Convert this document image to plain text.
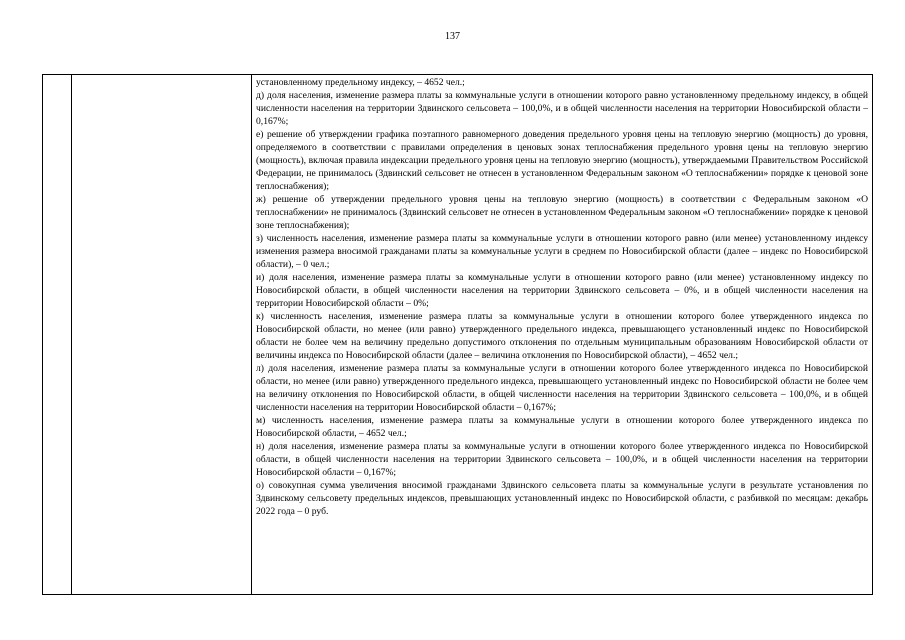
137

установленному предельному индексу, – 4652 чел.;

д) доля населения, изменение размера платы за коммунальные услуги в отношении которого равно установленному предельному индексу, в общей численности населения на территории Здвинского сельсовета – 100,0%, и в общей численности населения на территории Новосибирской области – 0,167%;

е) решение об утверждении графика поэтапного равномерного доведения предельного уровня цены на тепловую энергию (мощность) до уровня, определяемого в соответствии с правилами определения в ценовых зонах теплоснабжения предельного уровня цены на тепловую энергию (мощность), включая правила индексации предельного уровня цены на тепловую энергию (мощность), утверждаемыми Правительством Российской Федерации, не принималось (Здвинский сельсовет не отнесен в установленном Федеральным законом «О теплоснабжении» порядке к ценовой зоне теплоснабжения);

ж) решение об утверждении предельного уровня цены на тепловую энергию (мощность) в соответствии с Федеральным законом «О теплоснабжении» не принималось (Здвинский сельсовет не отнесен в установленном Федеральным законом «О теплоснабжении» порядке к ценовой зоне теплоснабжения);

з) численность населения, изменение размера платы за коммунальные услуги в отношении которого равно (или менее) установленному индексу изменения размера вносимой гражданами платы за коммунальные услуги в среднем по Новосибирской области (далее – индекс по Новосибирской области), – 0 чел.;

и) доля населения, изменение размера платы за коммунальные услуги в отношении которого равно (или менее) установленному индексу по Новосибирской области, в общей численности населения на территории Здвинского сельсовета – 0%, и в общей численности населения на территории Новосибирской области – 0%;

к) численность населения, изменение размера платы за коммунальные услуги в отношении которого более утвержденного индекса по Новосибирской области, но менее (или равно) утвержденного предельного индекса, превышающего установленный индекс по Новосибирской области не более чем на величину предельно допустимого отклонения по отдельным муниципальным образованиям Новосибирской области от величины индекса по Новосибирской области (далее – величина отклонения по Новосибирской области), – 4652 чел.;

л) доля населения, изменение размера платы за коммунальные услуги в отношении которого более утвержденного индекса по Новосибирской области, но менее (или равно) утвержденного предельного индекса, превышающего установленный индекс по Новосибирской области не более чем на величину отклонения по Новосибирской области, в общей численности населения на территории Здвинского сельсовета – 100,0%, и в общей численности населения на территории Новосибирской области – 0,167%;

м) численность населения, изменение размера платы за коммунальные услуги в отношении которого более утвержденного индекса по Новосибирской области, – 4652 чел.;

н) доля населения, изменение размера платы за коммунальные услуги в отношении которого более утвержденного индекса по Новосибирской области, в общей численности населения на территории Здвинского сельсовета – 100,0%, и в общей численности населения на территории Новосибирской области – 0,167%;

о) совокупная сумма увеличения вносимой гражданами Здвинского сельсовета платы за коммунальные услуги в результате установления по Здвинскому сельсовету предельных индексов, превышающих установленный индекс по Новосибирской области, с разбивкой по месяцам: декабрь 2022 года – 0 руб.
